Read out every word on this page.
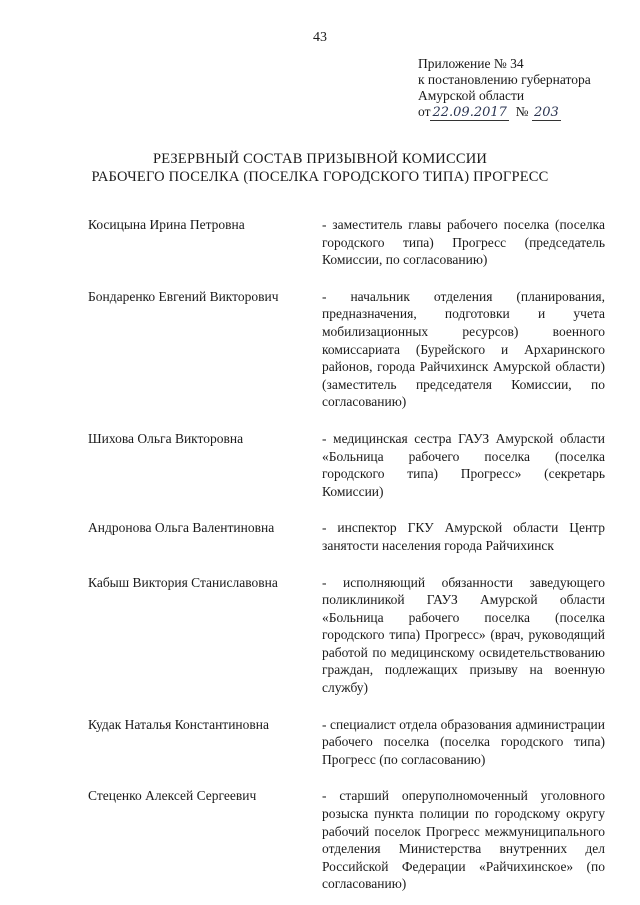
43
Приложение № 34
к постановлению губернатора
Амурской области
от 22.09.2017 № 203
РЕЗЕРВНЫЙ СОСТАВ ПРИЗЫВНОЙ КОМИССИИ
РАБОЧЕГО ПОСЕЛКА (ПОСЕЛКА ГОРОДСКОГО ТИПА) ПРОГРЕСС
Косицына Ирина Петровна	- заместитель главы рабочего поселка (поселка городского типа) Прогресс (председатель Комиссии, по согласованию)
Бондаренко Евгений Викторович	- начальник отделения (планирования, предназначения, подготовки и учета мобилизационных ресурсов) военного комиссариата (Бурейского и Архаринского районов, города Райчихинск Амурской области) (заместитель председателя Комиссии, по согласованию)
Шихова Ольга Викторовна	- медицинская сестра ГАУЗ Амурской области «Больница рабочего поселка (поселка городского типа) Прогресс» (секретарь Комиссии)
Андронова Ольга Валентиновна	- инспектор ГКУ Амурской области Центр занятости населения города Райчихинск
Кабыш Виктория Станиславовна	- исполняющий обязанности заведующего поликлиникой ГАУЗ Амурской области «Больница рабочего поселка (поселка городского типа) Прогресс» (врач, руководящий работой по медицинскому освидетельствованию граждан, подлежащих призыву на военную службу)
Кудак Наталья Константиновна	- специалист отдела образования администрации рабочего поселка (поселка городского типа) Прогресс (по согласованию)
Стеценко Алексей Сергеевич	- старший оперуполномоченный уголовного розыска пункта полиции по городскому округу рабочий поселок Прогресс межмуниципального отделения Министерства внутренних дел Российской Федерации «Райчихинское» (по согласованию)
